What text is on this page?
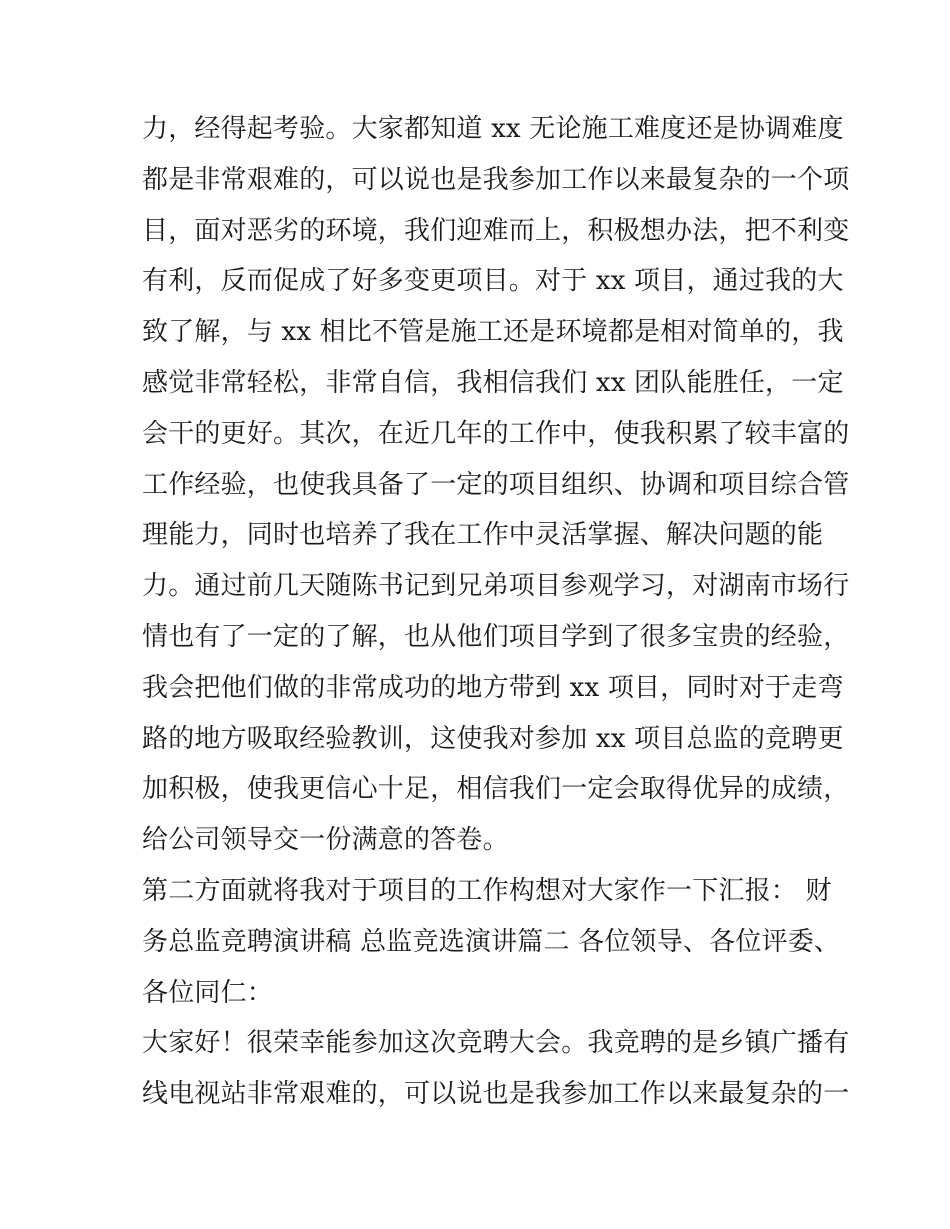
力，经得起考验。大家都知道 xx 无论施工难度还是协调难度
都是非常艰难的，可以说也是我参加工作以来最复杂的一个项
目，面对恶劣的环境，我们迎难而上，积极想办法，把不利变
有利，反而促成了好多变更项目。对于 xx 项目，通过我的大
致了解，与 xx 相比不管是施工还是环境都是相对简单的，我
感觉非常轻松，非常自信，我相信我们 xx 团队能胜任，一定
会干的更好。其次，在近几年的工作中，使我积累了较丰富的
工作经验，也使我具备了一定的项目组织、协调和项目综合管
理能力，同时也培养了我在工作中灵活掌握、解决问题的能
力。通过前几天随陈书记到兄弟项目参观学习，对湖南市场行
情也有了一定的了解，也从他们项目学到了很多宝贵的经验，
我会把他们做的非常成功的地方带到 xx 项目，同时对于走弯
路的地方吸取经验教训，这使我对参加 xx 项目总监的竞聘更
加积极，使我更信心十足，相信我们一定会取得优异的成绩，
给公司领导交一份满意的答卷。
第二方面就将我对于项目的工作构想对大家作一下汇报： 财
务总监竞聘演讲稿 总监竞选演讲篇二 各位领导、各位评委、
各位同仁：
大家好！很荣幸能参加这次竞聘大会。我竞聘的是乡镇广播有
线电视站非常艰难的，可以说也是我参加工作以来最复杂的一
